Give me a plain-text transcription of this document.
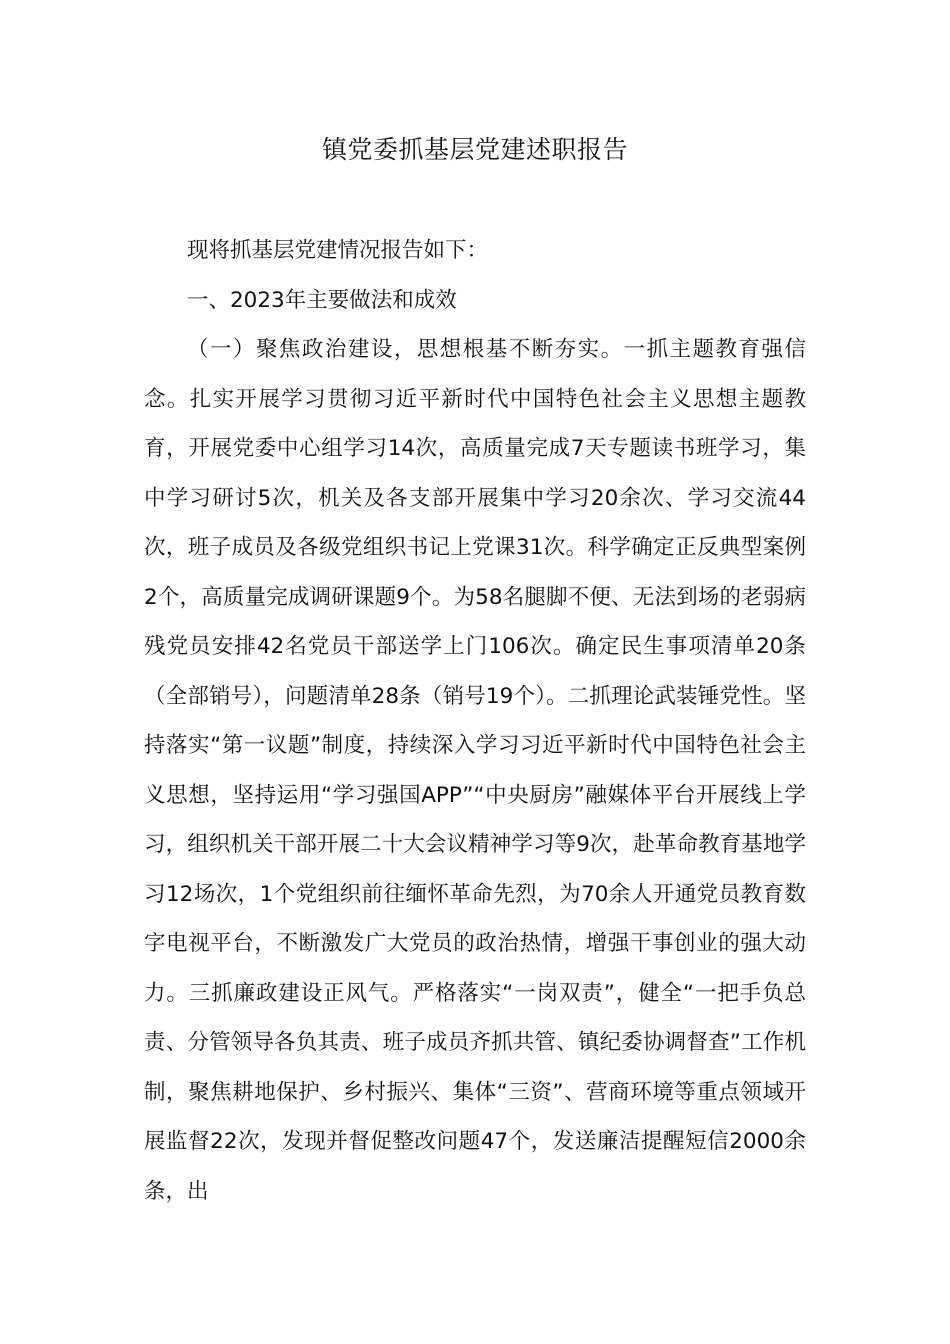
镇党委抓基层党建述职报告

现将抓基层党建情况报告如下：

一、2023年主要做法和成效

（一）聚焦政治建设，思想根基不断夯实。一抓主题教育强信念。扎实开展学习贯彻习近平新时代中国特色社会主义思想主题教育，开展党委中心组学习14次，高质量完成7天专题读书班学习，集中学习研讨5次，机关及各支部开展集中学习20余次、学习交流44次，班子成员及各级党组织书记上党课31次。科学确定正反典型案例2个，高质量完成调研课题9个。为58名腿脚不便、无法到场的老弱病残党员安排42名党员干部送学上门106次。确定民生事项清单20条（全部销号），问题清单28条（销号19个）。二抓理论武装锤党性。坚持落实“第一议题”制度，持续深入学习习近平新时代中国特色社会主义思想，坚持运用“学习强国APP”“中央厨房”融媒体平台开展线上学习，组织机关干部开展二十大会议精神学习等9次，赴革命教育基地学习12场次，1个党组织前往缅怀革命先烈，为70余人开通党员教育数字电视平台，不断激发广大党员的政治热情，增强干事创业的强大动力。三抓廉政建设正风气。严格落实“一岗双责”，健全“一把手负总责、分管领导各负其责、班子成员齐抓共管、镇纪委协调督查”工作机制，聚焦耕地保护、乡村振兴、集体“三资”、营商环境等重点领域开展监督22次，发现并督促整改问题47个，发送廉洁提醒短信2000余条，出
